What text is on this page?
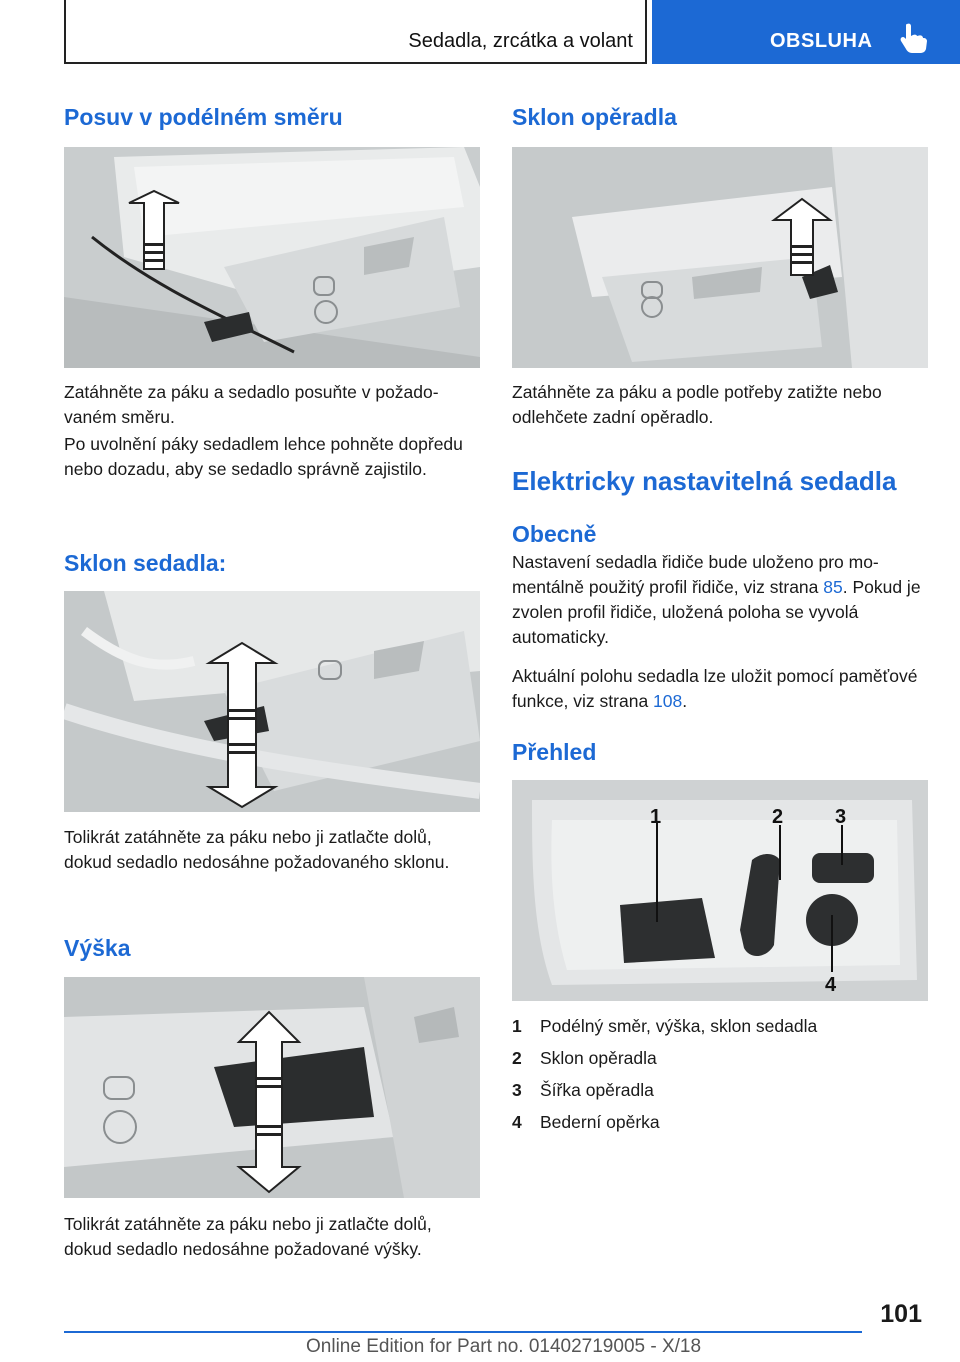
Sedadla, zrcátka a volant	OBSLUHA
Posuv v podélném směru

Zatáhněte za páku a sedadlo posuňte v požadovaném směru.

Po uvolnění páky sedadlem lehce pohněte dopředu nebo dozadu, aby se sedadlo správně zajistilo.

Sklon sedadla:

Tolikrát zatáhněte za páku nebo ji zatlačte dolů, dokud sedadlo nedosáhne požadovaného sklonu.

Výška

Tolikrát zatáhněte za páku nebo ji zatlačte dolů, dokud sedadlo nedosáhne požadované výšky.

Sklon opěradla

Zatáhněte za páku a podle potřeby zatižte nebo odlehčete zadní opěradlo.

Elektricky nastavitelná sedadla
Obecně

Nastavení sedadla řidiče bude uloženo pro momentálně použitý profil řidiče, viz strana 85. Pokud je zvolen profil řidiče, uložená poloha se vyvolá automaticky.

Aktuální polohu sedadla lze uložit pomocí paměťové funkce, viz strana 108.

Přehled
1	2	3
4
1 Podélný směr, výška, sklon sedadla
2 Sklon opěradla
3 Šířka opěradla
4 Bederní opěrka
101
Online Edition for Part no. 01402719005 - X/18
